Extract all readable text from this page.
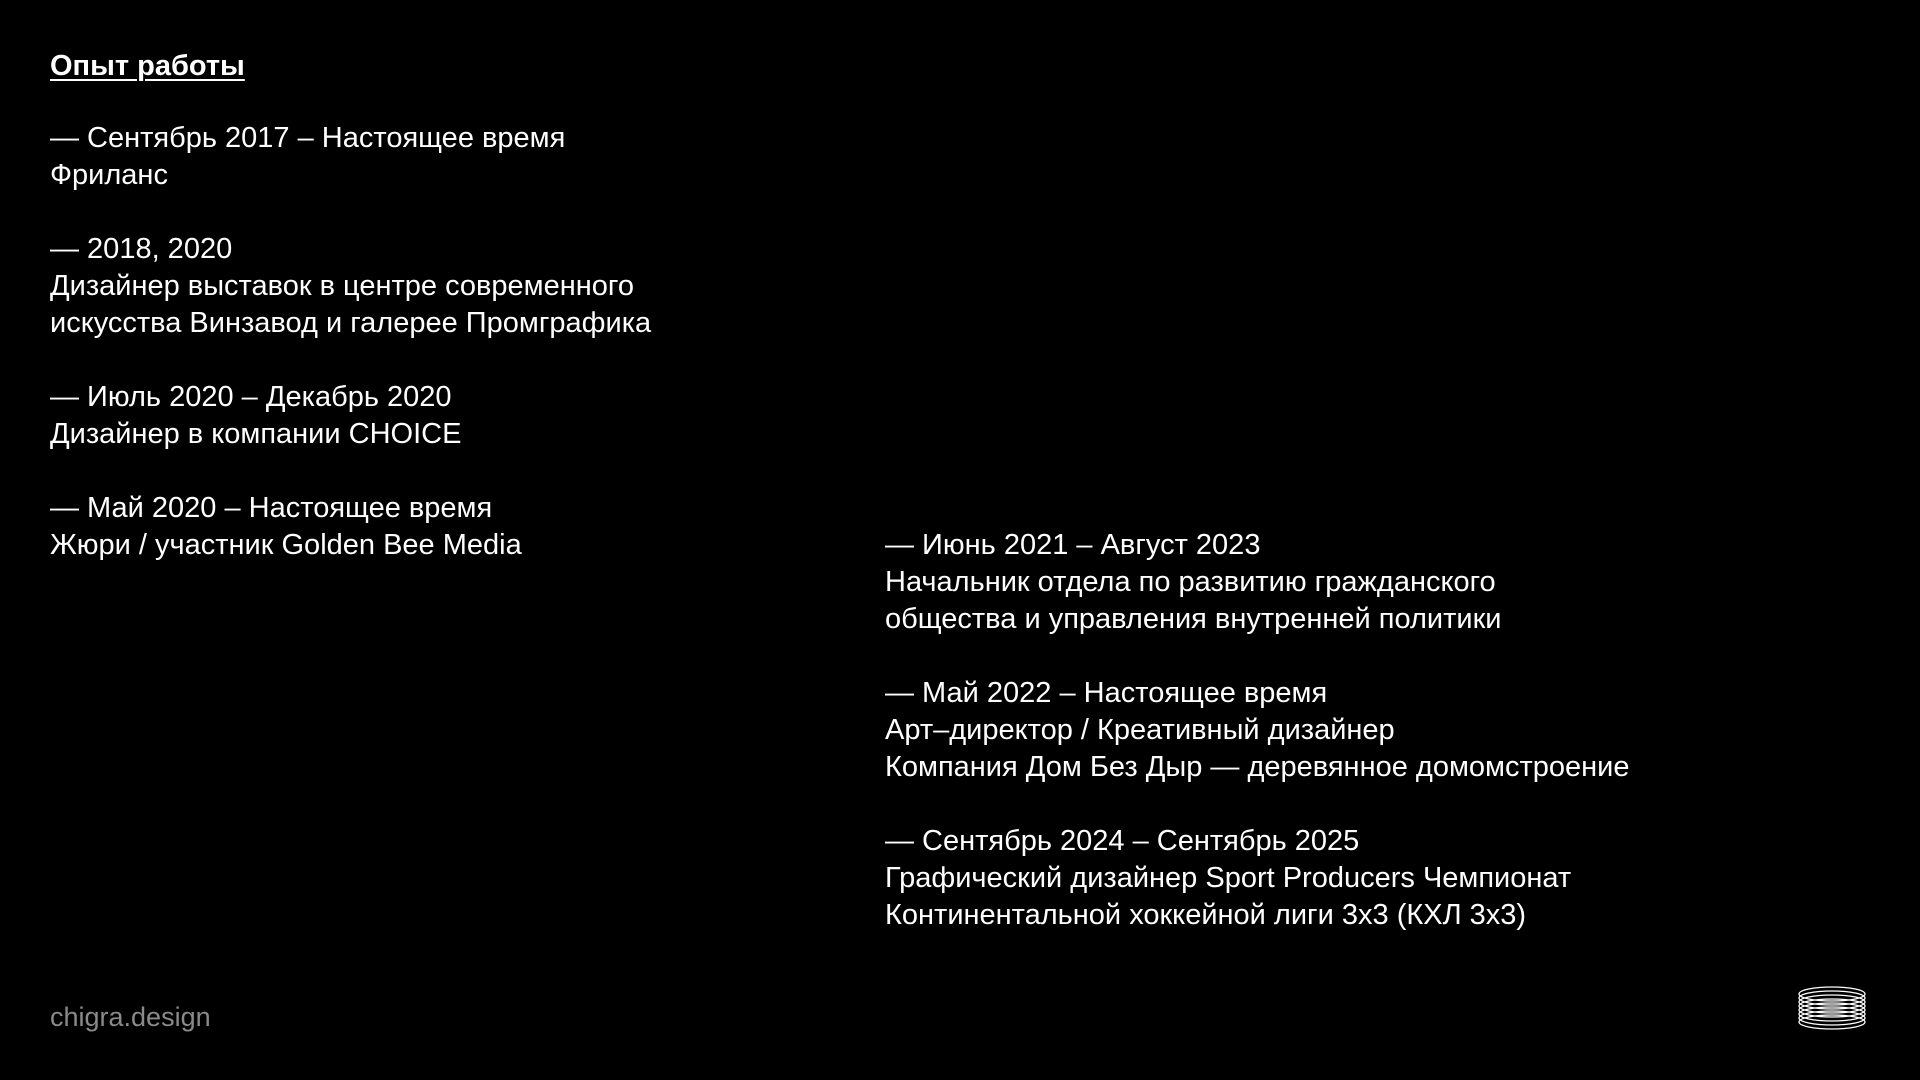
Опыт работы
— Сентябрь 2017 – Настоящее время
Фриланс
— 2018, 2020
Дизайнер выставок в центре современного
искусства Винзавод и галерее Промграфика
— Июль 2020 – Декабрь 2020
Дизайнер в компании CHOICE
— Май 2020 – Настоящее время
Жюри / участник Golden Bee Media	— Июнь 2021 – Август 2023
Начальник отдела по развитию гражданского
общества и управления внутренней политики
— Май 2022 – Настоящее время
Арт–директор / Креативный дизайнер
Компания Дом Без Дыр — деревянное домомстроение
— Сентябрь 2024 – Сентябрь 2025
Графический дизайнер Sport Producers Чемпионат
Континентальной хоккейной лиги 3х3 (КХЛ 3х3)
chigra.design
